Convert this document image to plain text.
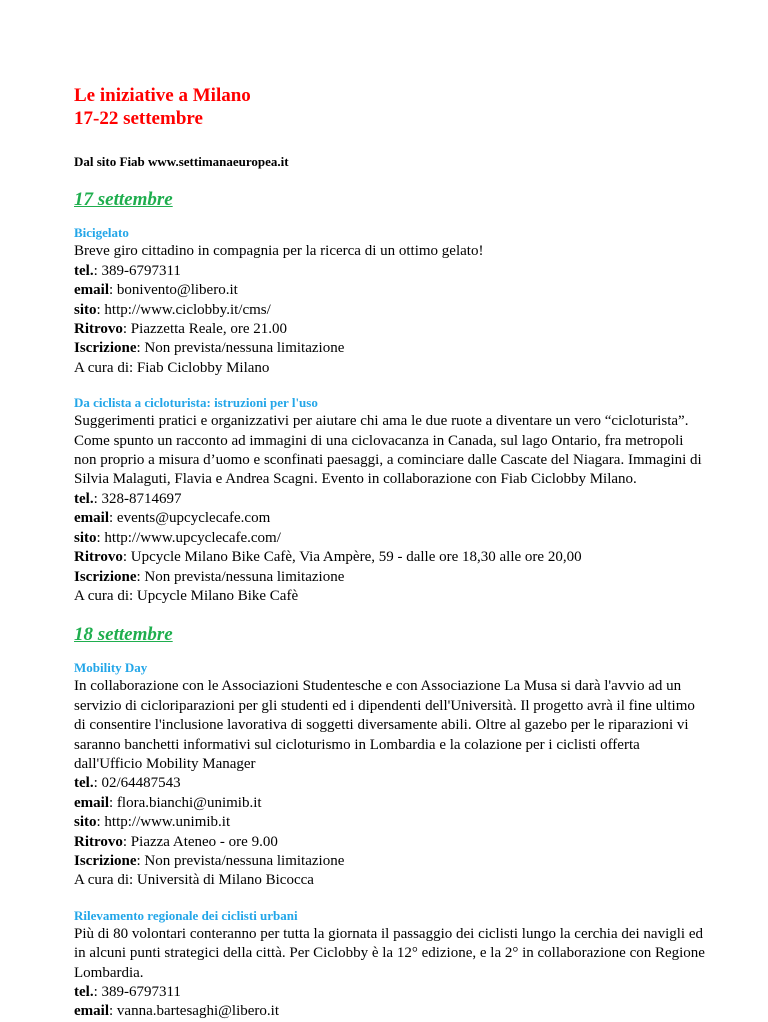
Le iniziative a Milano
17-22 settembre
Dal sito Fiab www.settimanaeuropea.it
17 settembre
Bicigelato
Breve giro cittadino in compagnia per la ricerca di un ottimo gelato!
tel.: 389-6797311
email: bonivento@libero.it
sito: http://www.ciclobby.it/cms/
Ritrovo: Piazzetta Reale, ore 21.00
Iscrizione: Non prevista/nessuna limitazione
A cura di: Fiab Ciclobby Milano
Da ciclista a cicloturista: istruzioni per l'uso
Suggerimenti pratici e organizzativi per aiutare chi ama le due ruote a diventare un vero “cicloturista”. Come spunto un racconto ad immagini di una ciclovacanza in Canada, sul lago Ontario, fra metropoli non proprio a misura d’uomo e sconfinati paesaggi, a cominciare dalle Cascate del Niagara. Immagini di Silvia Malaguti, Flavia e Andrea Scagni. Evento in collaborazione con Fiab Ciclobby Milano.
tel.: 328-8714697
email: events@upcyclecafe.com
sito: http://www.upcyclecafe.com/
Ritrovo: Upcycle Milano Bike Cafè, Via Ampère, 59 - dalle ore 18,30 alle ore 20,00
Iscrizione: Non prevista/nessuna limitazione
A cura di: Upcycle Milano Bike Cafè
18 settembre
Mobility Day
In collaborazione con le Associazioni Studentesche e con Associazione La Musa si darà l'avvio ad un servizio di cicloriparazioni per gli studenti ed i dipendenti dell'Università. Il progetto avrà il fine ultimo di consentire l'inclusione lavorativa di soggetti diversamente abili. Oltre al gazebo per le riparazioni vi saranno banchetti informativi sul cicloturismo in Lombardia e la colazione per i ciclisti offerta dall'Ufficio Mobility Manager
tel.: 02/64487543
email: flora.bianchi@unimib.it
sito: http://www.unimib.it
Ritrovo: Piazza Ateneo - ore 9.00
Iscrizione: Non prevista/nessuna limitazione
A cura di: Università di Milano Bicocca
Rilevamento regionale dei ciclisti urbani
Più di 80 volontari conteranno per tutta la giornata il passaggio dei ciclisti lungo la cerchia dei navigli ed in alcuni punti strategici della città. Per Ciclobby è la 12° edizione, e la 2° in collaborazione con Regione Lombardia.
tel.: 389-6797311
email: vanna.bartesaghi@libero.it
